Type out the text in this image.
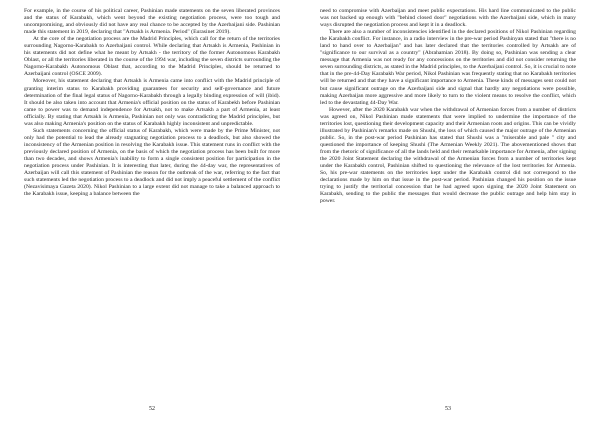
For example, in the course of his political career, Pashinian made statements on the seven liberated provinces and the status of Karabakh, which went beyond the existing negotiation process, were too tough and uncompromising, and obviously did not have any real chance to be accepted by the Azerbaijani side. Pashinian made this statement in 2019, declaring that "Artsakh is Armenia. Period" (Eurasinet 2019).

At the core of the negotiation process are the Madrid Principles, which call for the return of the territories surrounding Nagorno-Karabakh to Azerbaijani control. While declaring that Artsakh is Armenia, Pashinian in his statements did not define what he meant by Artsakh - the territory of the former Autonomous Karabakh Oblast, or all the territories liberated in the course of the 1994 war, including the seven districts surrounding the Nagorno-Karabakh Autonomous Oblast that, according to the Madrid Principles, should be returned to Azerbaijani control (OSCE 2009).

Moreover, his statement declaring that Artsakh is Armenia came into conflict with the Madrid principle of granting interim status to Karabakh providing guarantees for security and self-governance and future determination of the final legal status of Nagorno-Karabakh through a legally binding expression of will (ibid). It should be also taken into account that Armenia's official position on the status of Karabekh before Pashinian came to power was to demand independence for Artsakh, not to make Artsakh a part of Armenia, at least officially. By stating that Artsakh is Armenia, Pashinian not only was contradicting the Madrid principles, but was also making Armenia's position on the status of Karabakh highly inconsistent and unpredictable.

Such statements concerning the official status of Karabakh, which were made by the Prime Minister, not only had the potential to lead the already stagnating negotiation process to a deadlock, but also showed the inconsistency of the Armenian position in resolving the Karabakh issue. This statement runs in conflict with the previously declared position of Armenia, on the basis of which the negotiation process has been built for more than two decades, and shows Armenia's inability to form a single consistent position for participation in the negotiation process under Pashinian. It is interesting that later, during the 44-day war, the representatives of Azerbaijan will call this statement of Pashinian the reason for the outbreak of the war, referring to the fact that such statements led the negotiation process to a deadlock and did not imply a peaceful settlement of the conflict (Nezavisimaya Gazeta 2020). Nikol Pashinian to a large extent did not manage to take a balanced approach to the Karabakh issue, keeping a balance between the

52

need to compromise with Azerbaijan and meet public expectations. His hard line communicated to the public was not backed up enough with "behind closed door" negotiations with the Azerbaijani side, which in many ways disrupted the negotiation process and kept it in a deadlock.

There are also a number of inconsistencies identified in the declared positions of Nikol Pashinian regarding the Karabakh conflict. For instance, in a radio interview in the pre-war period Pashinyan stated that "there is no land to hand over to Azerbaijan" and has later declared that the territories controlled by Artsakh are of "significance to our survival as a country" (Abrahamian 2018). By doing so, Pashinian was sending a clear message that Armenia was not ready for any concessions on the territories and did not consider returning the seven surrounding districts, as stated in the Madrid principles, to the Azerbaijani control. So, it is crucial to note that in the pre-44-Day Karabakh War period, Nikol Pashinian was frequently stating that no Karabakh territories will be returned and that they have a significant importance to Armenia. These kinds of messages sent could not but cause significant outrage on the Azerbaijani side and signal that hardly any negotiations were possible, making Azerbaijan more aggressive and more likely to turn to the violent means to resolve the conflict, which led to the devastating 44-Day War.

However, after the 2020 Karabakh war when the withdrawal of Armenian forces from a number of districts was agreed on, Nikol Pashinian made statements that were implied to undermine the importance of the territories lost, questioning their development capacity and their Armenian roots and origins. This can be vividly illustrated by Pashinian's remarks made on Shushi, the loss of which caused the major outrage of the Armenian public. So, in the post-war period Pashinian has stated that Shushi was a "miserable and pale " city and questioned the importance of keeping Shushi (The Armenian Weekly 2021). The abovementioned shows that from the rhetoric of significance of all the lands held and their remarkable importance for Armenia, after signing the 2020 Joint Statement declaring the withdrawal of the Armenian forces from a number of territories kept under the Karabakh control, Pashinian shifted to questioning the relevance of the lost territories for Armenia. So, his pre-war statements on the territories kept under the Karabakh control did not correspond to the declarations made by him on that issue in the post-war period. Pashinian changed his position on the issue trying to justify the territorial concession that he had agreed upon signing the 2020 Joint Statement on Karabakh, sending to the public the messages that would decrease the public outrage and help him stay in power.

53
